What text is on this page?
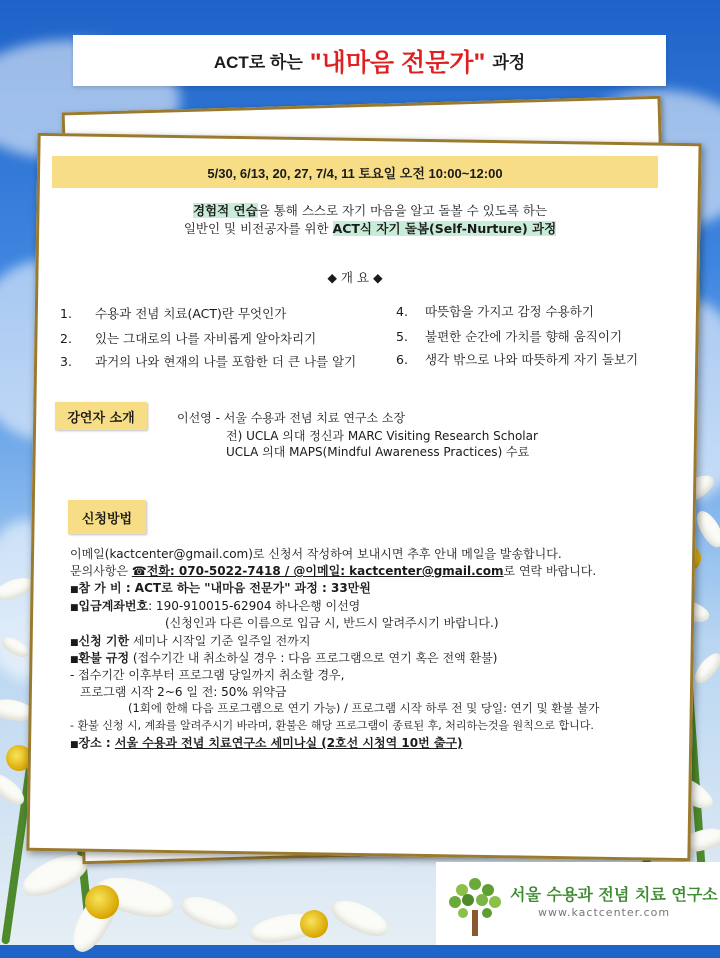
ACT로 하는 "내마음 전문가" 과정
5/30, 6/13, 20, 27, 7/4, 11 토요일 오전 10:00~12:00
경험적 연습을 통해 스스로 자기 마음을 알고 돌볼 수 있도록 하는
일반인 및 비전공자를 위한 ACT식 자기 돌봄(Self-Nurture) 과정
◆ 개 요 ◆
1. 수용과 전념 치료(ACT)란 무엇인가
2. 있는 그대로의 나를 자비롭게 알아차리기
3. 과거의 나와 현재의 나를 포함한 더 큰 나를 알기
4. 따뜻함을 가지고 감정 수용하기
5. 불편한 순간에 가치를 향해 움직이기
6. 생각 밖으로 나와 따뜻하게 자기 돌보기
강연자 소개	이선영 - 서울 수용과 전념 치료 연구소 소장
전) UCLA 의대 정신과 MARC Visiting Research Scholar
UCLA 의대 MAPS(Mindful Awareness Practices) 수료
신청방법
이메일(kactcenter@gmail.com)로 신청서 작성하여 보내시면 추후 안내 메일을 발송합니다.
문의사항은 ☎전화: 070-5022-7418 / @이메일: kactcenter@gmail.com로 연락 바랍니다.
■참 가 비 : ACT로 하는 "내마음 전문가" 과정 : 33만원
■입금계좌번호: 190-910015-62904 하나은행 이선영
(신청인과 다른 이름으로 입금 시, 반드시 알려주시기 바랍니다.)
■신청 기한 세미나 시작일 기준 일주일 전까지
■환불 규정 (접수기간 내 취소하실 경우 : 다음 프로그램으로 연기 혹은 전액 환불)
- 접수기간 이후부터 프로그램 당일까지 취소할 경우,
프로그램 시작 2~6 일 전: 50% 위약금
(1회에 한해 다음 프로그램으로 연기 가능) / 프로그램 시작 하루 전 및 당일: 연기 및 환불 불가
- 환불 신청 시, 계좌를 알려주시기 바라며, 환불은 해당 프로그램이 종료된 후, 처리하는것을 원칙으로 합니다.
■장소 : 서울 수용과 전념 치료연구소 세미나실 (2호선 시청역 10번 출구)
서울 수용과 전념 치료 연구소
www.kactcenter.com
